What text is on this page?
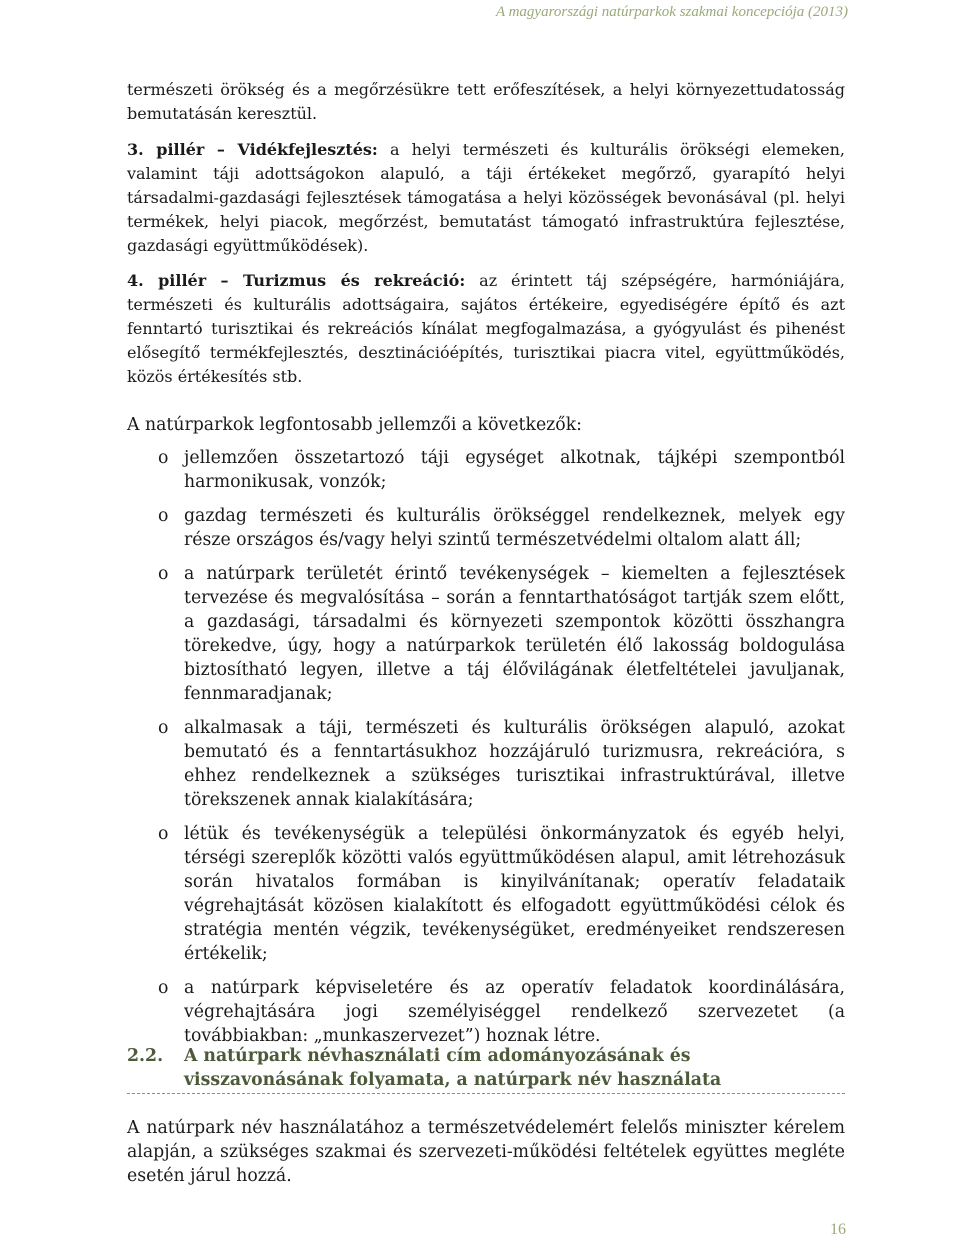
A magyarországi natúrparkok szakmai koncepciója (2013)

természeti örökség és a megőrzésükre tett erőfeszítések, a helyi környezettudatosság bemutatásán keresztül.

3. pillér – Vidékfejlesztés: a helyi természeti és kulturális örökségi elemeken, valamint táji adottságokon alapuló, a táji értékeket megőrző, gyarapító helyi társadalmi-gazdasági fejlesztések támogatása a helyi közösségek bevonásával (pl. helyi termékek, helyi piacok, megőrzést, bemutatást támogató infrastruktúra fejlesztése, gazdasági együttműködések).

4. pillér – Turizmus és rekreáció: az érintett táj szépségére, harmóniájára, természeti és kulturális adottságaira, sajátos értékeire, egyediségére építő és azt fenntartó turisztikai és rekreációs kínálat megfogalmazása, a gyógyulást és pihenést elősegítő termékfejlesztés, desztinációépítés, turisztikai piacra vitel, együttműködés, közös értékesítés stb.

A natúrparkok legfontosabb jellemzői a következők:

o jellemzően összetartozó táji egységet alkotnak, tájképi szempontból harmonikusak, vonzók;
o gazdag természeti és kulturális örökséggel rendelkeznek, melyek egy része országos és/vagy helyi szintű természetvédelmi oltalom alatt áll;
o a natúrpark területét érintő tevékenységek – kiemelten a fejlesztések tervezése és megvalósítása – során a fenntarthatóságot tartják szem előtt, a gazdasági, társadalmi és környezeti szempontok közötti összhangra törekedve, úgy, hogy a natúrparkok területén élő lakosság boldogulása biztosítható legyen, illetve a táj élővilágának életfeltételei javuljanak, fennmaradjanak;
o alkalmasak a táji, természeti és kulturális örökségen alapuló, azokat bemutató és a fenntartásukhoz hozzájáruló turizmusra, rekreációra, s ehhez rendelkeznek a szükséges turisztikai infrastruktúrával, illetve törekszenek annak kialakítására;
o létük és tevékenységük a települési önkormányzatok és egyéb helyi, térségi szereplők közötti valós együttműködésen alapul, amit létrehozásuk során hivatalos formában is kinyilvánítanak; operatív feladataik végrehajtását közösen kialakított és elfogadott együttműködési célok és stratégia mentén végzik, tevékenységüket, eredményeiket rendszeresen értékelik;
o a natúrpark képviseletére és az operatív feladatok koordinálására, végrehajtására jogi személyiséggel rendelkező szervezetet (a továbbiakban: „munkaszervezet”) hoznak létre.
2.2.	A natúrpark névhasználati cím adományozásának és visszavonásának folyamata, a natúrpark név használata

A natúrpark név használatához a természetvédelemért felelős miniszter kérelem alapján, a szükséges szakmai és szervezeti-működési feltételek együttes megléte esetén járul hozzá.

16
